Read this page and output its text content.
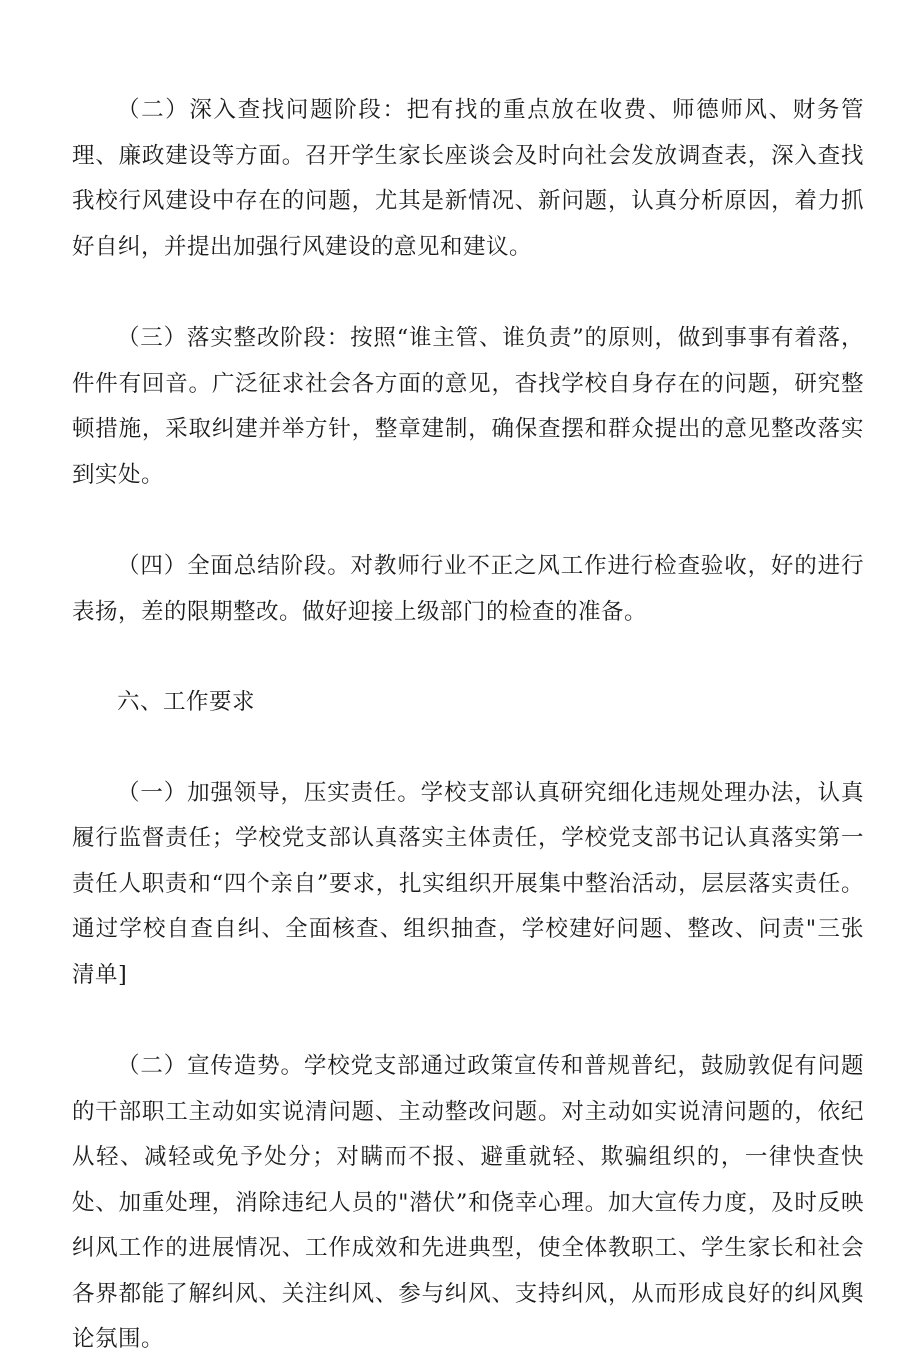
（二）深入查找问题阶段：把有找的重点放在收费、师德师风、财务管理、廉政建设等方面。召开学生家长座谈会及时向社会发放调查表，深入查找我校行风建设中存在的问题，尤其是新情况、新问题，认真分析原因，着力抓好自纠，并提出加强行风建设的意见和建议。

（三）落实整改阶段：按照“谁主管、谁负责”的原则，做到事事有着落，件件有回音。广泛征求社会各方面的意见，杳找学校自身存在的问题，研究整顿措施，采取纠建并举方针，整章建制，确保查摆和群众提出的意见整改落实到实处。

（四）全面总结阶段。对教师行业不正之风工作进行检查验收，好的进行表扬，差的限期整改。做好迎接上级部门的检查的准备。

六、工作要求

（一）加强领导，压实责任。学校支部认真研究细化违规处理办法，认真履行监督责任；学校党支部认真落实主体责任，学校党支部书记认真落实第一责任人职责和“四个亲自”要求，扎实组织开展集中整治活动，层层落实责任。通过学校自查自纠、全面核查、组织抽查，学校建好问题、整改、问责"三张清单]

（二）宣传造势。学校党支部通过政策宣传和普规普纪，鼓励敦促有问题的干部职工主动如实说清问题、主动整改问题。对主动如实说清问题的，依纪从轻、减轻或免予处分；对瞒而不报、避重就轻、欺骗组织的，一律快查快处、加重处理，消除违纪人员的"潜伏”和侥幸心理。加大宣传力度，及时反映纠风工作的进展情况、工作成效和先进典型，使全体教职工、学生家长和社会各界都能了解纠风、关注纠风、参与纠风、支持纠风，从而形成良好的纠风舆论氛围。
